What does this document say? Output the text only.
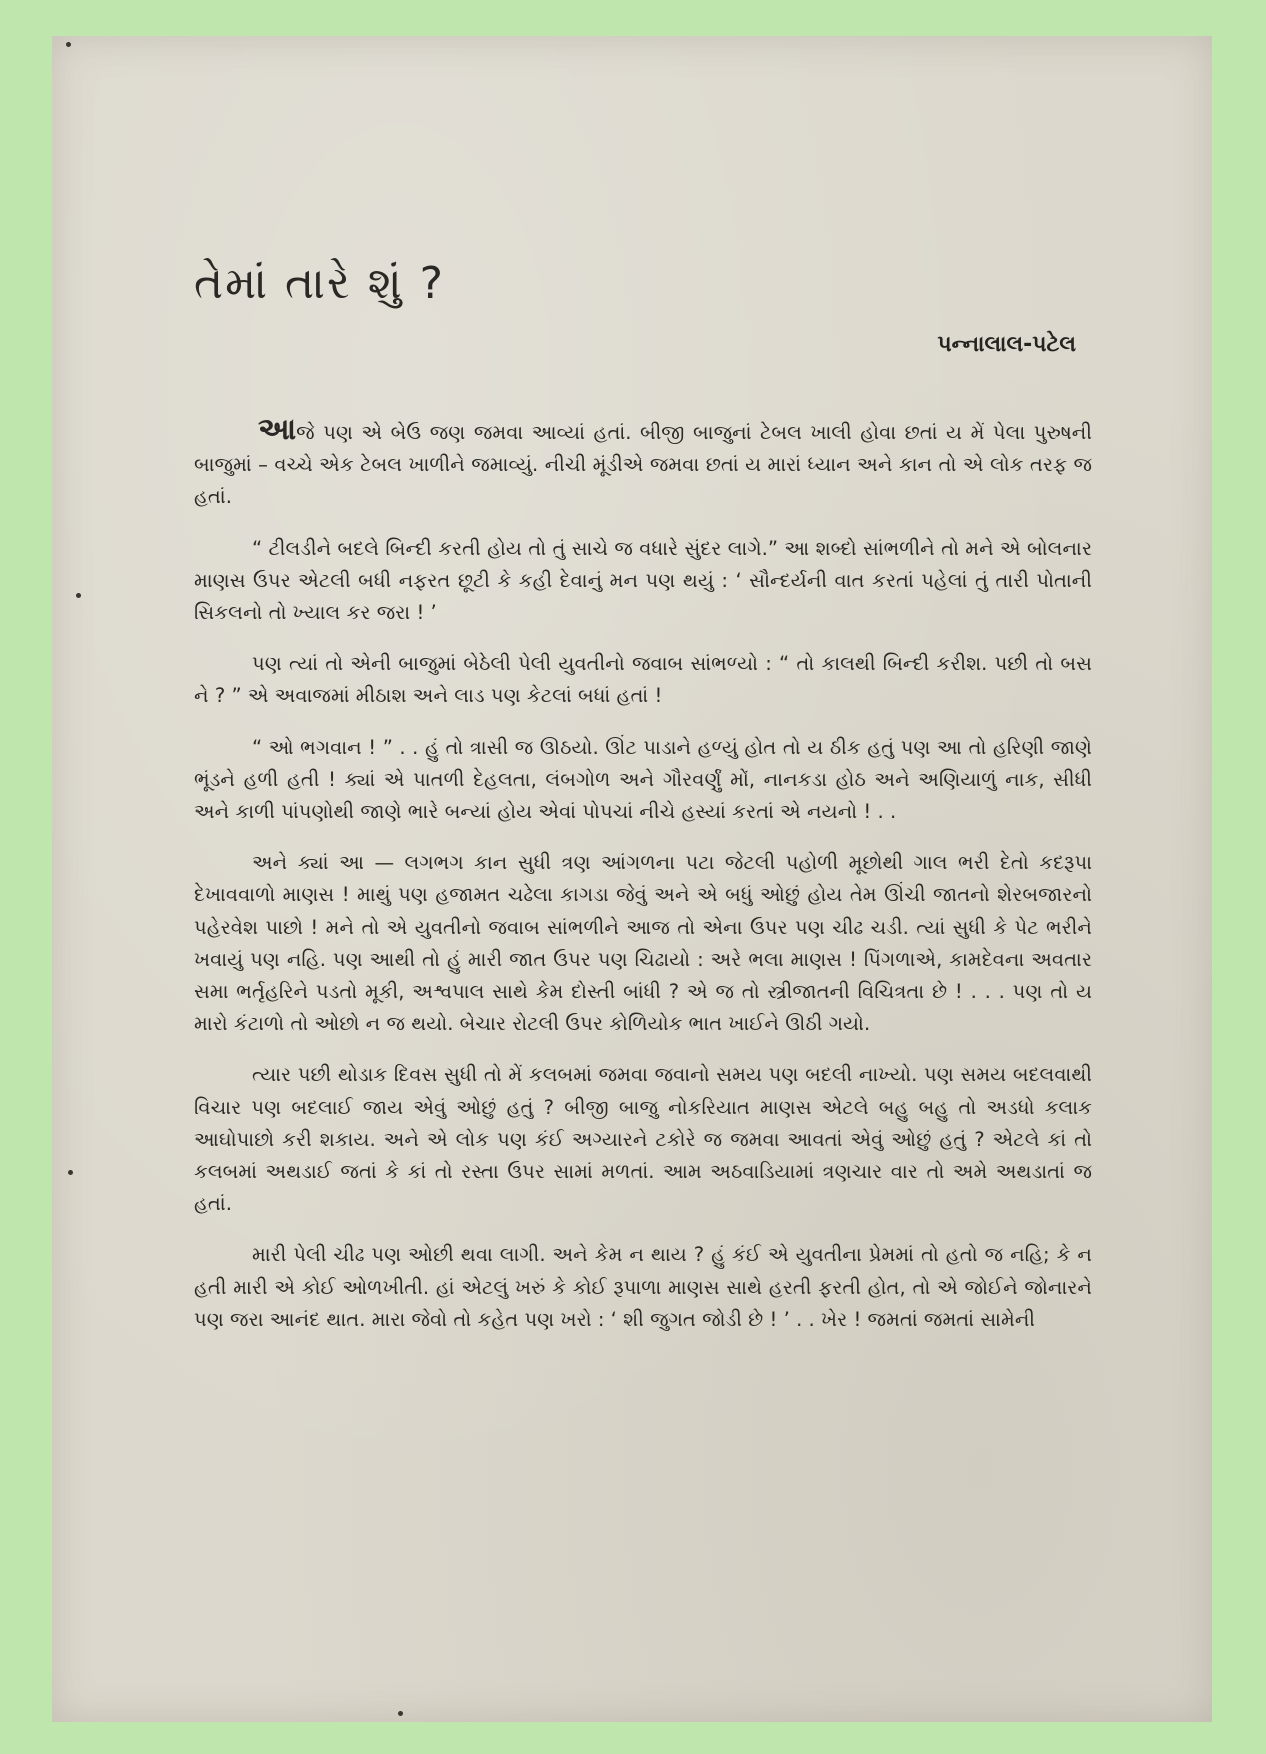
તેમાં તારે શું ?
પન્નાલાલ-પટેલ

આજે પણ એ બેઉ જણ જમવા આવ્યાં હતાં. બીજી બાજુનાં ટેબલ ખાલી હોવા છતાં ય મેં પેલા પુરુષની બાજુમાં – વચ્ચે એક ટેબલ ખાળીને જમાવ્યું. નીચી મૂંડીએ જમવા છતાં ય મારાં ધ્યાન અને કાન તો એ લોક તરફ જ હતાં.

“ ટીલડીને બદલે બિન્દી કરતી હોય તો તું સાચે જ વધારે સુંદર લાગે.” આ શબ્દો સાંભળીને તો મને એ બોલનાર માણસ ઉપર એટલી બધી નફરત છૂટી કે કહી દેવાનું મન પણ થયું : ‘ સૌન્દર્યની વાત કરતાં પહેલાં તું તારી પોતાની સિકલનો તો ખ્યાલ કર જરા ! ’

પણ ત્યાં તો એની બાજુમાં બેઠેલી પેલી યુવતીનો જવાબ સાંભળ્યો : “ તો કાલથી બિન્દી કરીશ. પછી તો બસ ને ? ” એ અવાજમાં મીઠાશ અને લાડ પણ કેટલાં બધાં હતાં !

“ ઓ ભગવાન ! ” . . હું તો ત્રાસી જ ઊઠયો. ઊંટ પાડાને હળ્યું હોત તો ય ઠીક હતું પણ આ તો હરિણી જાણે ભૂંડને હળી હતી ! ક્યાં એ પાતળી દેહલતા, લંબગોળ અને ગૌરવર્ણું મોં, નાનકડા હોઠ અને અણિયાળું નાક, સીધી અને કાળી પાંપણોથી જાણે ભારે બન્યાં હોય એવાં પોપચાં નીચે હસ્યાં કરતાં એ નયનો ! . .

અને ક્યાં આ — લગભગ કાન સુધી ત્રણ આંગળના પટા જેટલી પહોળી મૂછોથી ગાલ ભરી દેતો કદરૂપા દેખાવવાળો માણસ ! માથું પણ હજામત ચઢેલા કાગડા જેવું અને એ બધું ઓછું હોય તેમ ઊંચી જાતનો શેરબજારનો પહેરવેશ પાછો ! મને તો એ યુવતીનો જવાબ સાંભળીને આજ તો એના ઉપર પણ ચીઢ ચડી. ત્યાં સુધી કે પેટ ભરીને ખવાયું પણ નહિ. પણ આથી તો હું મારી જાત ઉપર પણ ચિઢાયો : અરે ભલા માણસ ! પિંગળાએ, કામદેવના અવતાર સમા ભર્તૃહરિને પડતો મૂકી, અશ્વપાલ સાથે કેમ દોસ્તી બાંધી ? એ જ તો સ્ત્રીજાતની વિચિત્રતા છે ! . . . પણ તો ય મારો કંટાળો તો ઓછો ન જ થયો. બેચાર રોટલી ઉપર કોળિયોક ભાત ખાઈને ઊઠી ગયો.

ત્યાર પછી થોડાક દિવસ સુધી તો મેં કલબમાં જમવા જવાનો સમય પણ બદલી નાખ્યો. પણ સમય બદલવાથી વિચાર પણ બદલાઈ જાય એવું ઓછું હતું ? બીજી બાજુ નોકરિયાત માણસ એટલે બહુ બહુ તો અડધો કલાક આઘોપાછો કરી શકાય. અને એ લોક પણ કંઈ અગ્યારને ટકોરે જ જમવા આવતાં એવું ઓછું હતું ? એટલે કાં તો કલબમાં અથડાઈ જતાં કે કાં તો રસ્તા ઉપર સામાં મળતાં. આમ અઠવાડિયામાં ત્રણચાર વાર તો અમે અથડાતાં જ હતાં.

મારી પેલી ચીઢ પણ ઓછી થવા લાગી. અને કેમ ન થાય ? હું કંઈ એ યુવતીના પ્રેમમાં તો હતો જ નહિ; કે ન હતી મારી એ કોઈ ઓળખીતી. હાં એટલું ખરું કે કોઈ રૂપાળા માણસ સાથે હરતી ફરતી હોત, તો એ જોઈને જોનારને પણ જરા આનંદ થાત. મારા જેવો તો કહેત પણ ખરો : ‘ શી જુગત જોડી છે ! ’ . . ખેર ! જમતાં જમતાં સામેની
